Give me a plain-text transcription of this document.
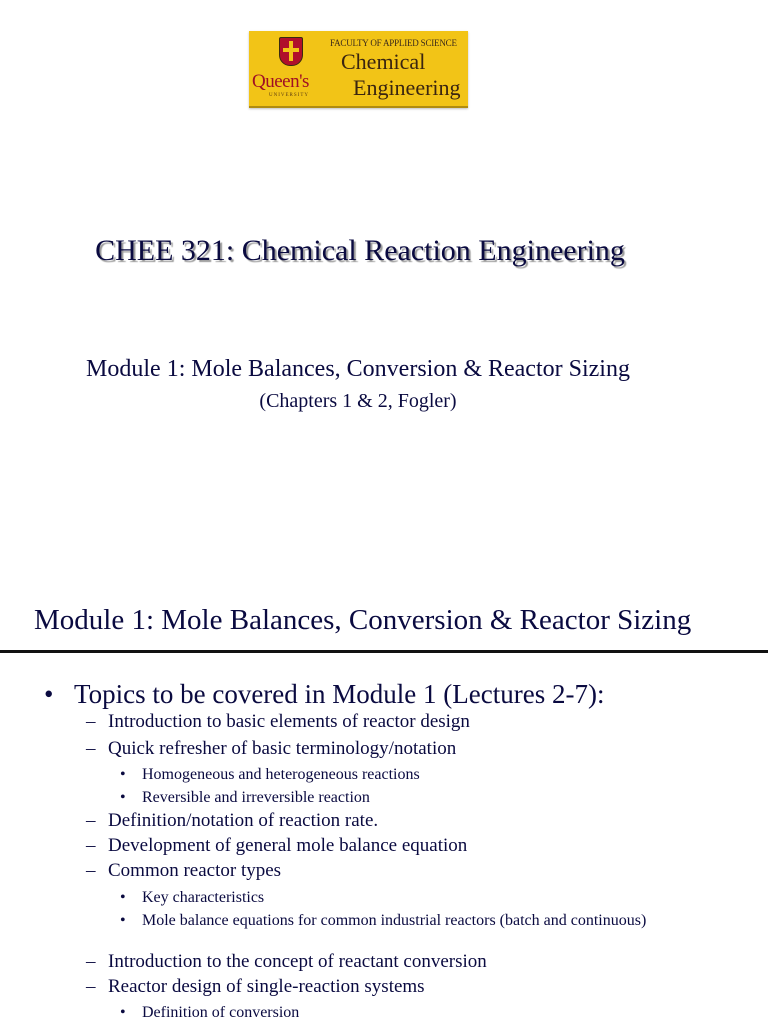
Queen's
UNIVERSITY
FACULTY OF APPLIED SCIENCE
Chemical
Engineering
CHEE 321: Chemical Reaction Engineering
Module 1: Mole Balances, Conversion & Reactor Sizing
(Chapters 1 & 2, Fogler)
Module 1: Mole Balances, Conversion & Reactor Sizing
• Topics to be covered in Module 1 (Lectures 2-7):
– Introduction to basic elements of reactor design
– Quick refresher of basic terminology/notation
•	Homogeneous and heterogeneous reactions
•	Reversible and irreversible reaction
– Definition/notation of reaction rate.
– Development of general mole balance equation
– Common reactor types
•	Key characteristics
•	Mole balance equations for common industrial reactors (batch and continuous)
– Introduction to the concept of reactant conversion
– Reactor design of single-reaction systems
•	Definition of conversion
